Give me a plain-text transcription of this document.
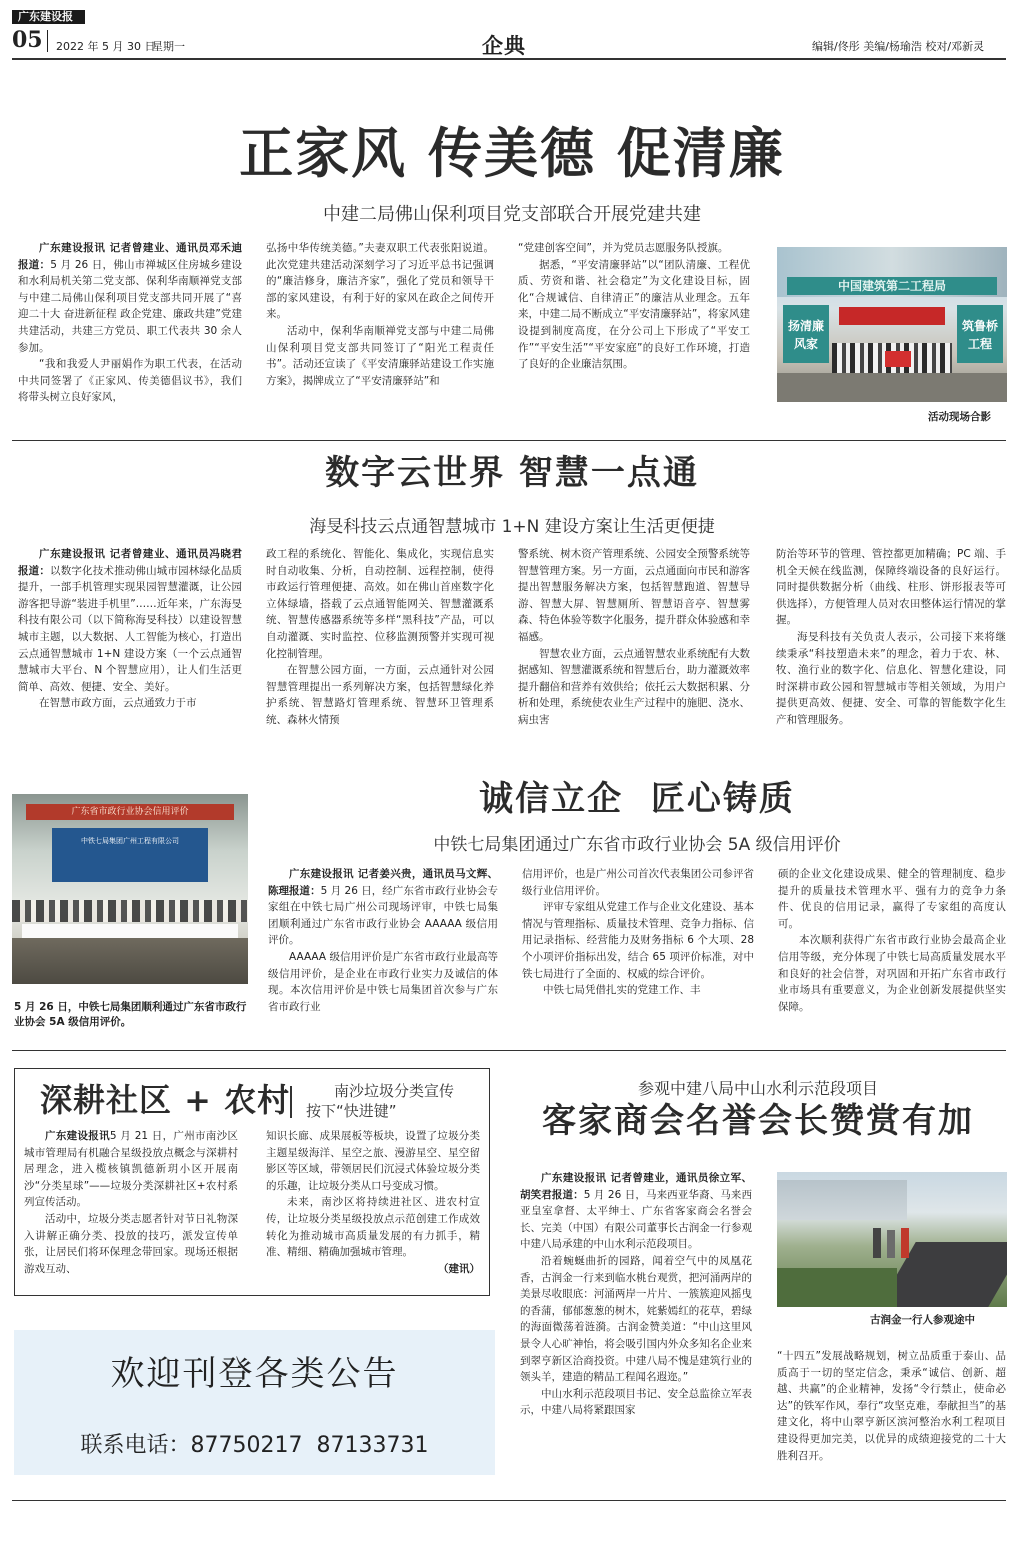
广东建设报
05 2022 年 5 月 30 日
星期一	企典	编辑/佟彤 美编/杨瑜浩 校对/邓新灵
正家风 传美德 促清廉
中建二局佛山保利项目党支部联合开展党建共建

广东建设报讯 记者曾建业、通讯员邓禾迪报道：5 月 26 日，佛山市禅城区住房城乡建设和水利局机关第二党支部、保利华南顺禅党支部与中建二局佛山保利项目党支部共同开展了“喜迎二十大 奋进新征程 政企党建、廉政共建”党建共建活动，共建三方党员、职工代表共 30 余人参加。

“我和我爱人尹丽娟作为职工代表，在活动中共同签署了《正家风、传美德倡议书》，我们将带头树立良好家风，

弘扬中华传统美德。”夫妻双职工代表张阳说道。此次党建共建活动深刻学习了习近平总书记强调的“廉洁修身，廉洁齐家”，强化了党员和领导干部的家风建设，有利于好的家风在政企之间传开来。

活动中，保利华南顺禅党支部与中建二局佛山保利项目党支部共同签订了“阳光工程责任书”。活动还宣读了《平安清廉驿站建设工作实施方案》，揭牌成立了“平安清廉驿站”和

“党建创客空间”，并为党员志愿服务队授旗。

据悉，“平安清廉驿站”以“团队清廉、工程优质、劳资和谐、社会稳定”为文化建设目标，固化“合规诚信、自律清正”的廉洁从业理念。五年来，中建二局不断成立“平安清廉驿站”，将家风建设提到制度高度，在分公司上下形成了“平安工作”“平安生活”“平安家庭”的良好工作环境，打造了良好的企业廉洁氛围。

中国建筑第二工程局
扬清廉风家
筑鲁桥工程
活动现场合影
数字云世界 智慧一点通
海旻科技云点通智慧城市 1+N 建设方案让生活更便捷

广东建设报讯 记者曾建业、通讯员冯晓君报道：以数字化技术推动佛山城市园林绿化品质提升，一部手机管理实现果园智慧灌溉，让公园游客把导游“装进手机里”……近年来，广东海旻科技有限公司（以下简称海旻科技）以建设智慧城市主题，以大数据、人工智能为核心，打造出云点通智慧城市 1+N 建设方案（一个云点通智慧城市大平台、N 个智慧应用），让人们生活更简单、高效、便捷、安全、美好。

在智慧市政方面，云点通致力于市

政工程的系统化、智能化、集成化，实现信息实时自动收集、分析，自动控制、远程控制，使得市政运行管理便捷、高效。如在佛山首座数字化立体绿墙，搭载了云点通智能网关、智慧灌溉系统、智慧传感器系统等多样“黑科技”产品，可以自动灌溉、实时监控、位移监测预警并实现可视化控制管理。

在智慧公园方面，一方面，云点通针对公园智慧管理提出一系列解决方案，包括智慧绿化养护系统、智慧路灯管理系统、智慧环卫管理系统、森林火情预

警系统、树木资产管理系统、公园安全预警系统等智慧管理方案。另一方面，云点通面向市民和游客提出智慧服务解决方案，包括智慧跑道、智慧导游、智慧大屏、智慧厕所、智慧语音亭、智慧雾森、特色体验等数字化服务，提升群众体验感和幸福感。

智慧农业方面，云点通智慧农业系统配有大数据感知、智慧灌溉系统和智慧后台，助力灌溉效率提升翻倍和营养有效供给；依托云大数据积累、分析和处理，系统使农业生产过程中的施肥、浇水、病虫害

防治等环节的管理、管控都更加精确；PC 端、手机全天候在线监测，保障终端设备的良好运行。同时提供数据分析（曲线、柱形、饼形报表等可供选择），方便管理人员对农田整体运行情况的掌握。

海旻科技有关负责人表示，公司接下来将继续秉承“科技塑造未来”的理念，着力于农、林、牧、渔行业的数字化、信息化、智慧化建设，同时深耕市政公园和智慧城市等相关领域，为用户提供更高效、便捷、安全、可靠的智能数字化生产和管理服务。

广东省市政行业协会信用评价
中铁七局集团广州工程有限公司
5 月 26 日，中铁七局集团顺利通过广东省市政行业协会 5A 级信用评价。
诚信立企  匠心铸质
中铁七局集团通过广东省市政行业协会 5A 级信用评价

广东建设报讯 记者姜兴贵，通讯员马文辉、陈理报道：5 月 26 日，经广东省市政行业协会专家组在中铁七局广州公司现场评审，中铁七局集团顺利通过广东省市政行业协会 AAAAA 级信用评价。

AAAAA 级信用评价是广东省市政行业最高等级信用评价，是企业在市政行业实力及诚信的体现。本次信用评价是中铁七局集团首次参与广东省市政行业

信用评价，也是广州公司首次代表集团公司参评省级行业信用评价。

评审专家组从党建工作与企业文化建设、基本情况与管理指标、质量技术管理、竞争力指标、信用记录指标、经营能力及财务指标 6 个大项、28 个小项评价指标出发，结合 65 项评价标准，对中铁七局进行了全面的、权威的综合评价。

中铁七局凭借扎实的党建工作、丰

硕的企业文化建设成果、健全的管理制度、稳步提升的质量技术管理水平、强有力的竞争力条件、优良的信用记录，赢得了专家组的高度认可。

本次顺利获得广东省市政行业协会最高企业信用等级，充分体现了中铁七局高质量发展水平和良好的社会信誉，对巩固和开拓广东省市政行业市场具有重要意义，为企业创新发展提供坚实保障。

深耕社区 + 农村	南沙垃圾分类宣传
按下“快进键”

广东建设报讯5 月 21 日，广州市南沙区城市管理局有机融合星级投放点概念与深耕村居理念，进入榄核镇凯德新玥小区开展南沙“分类星球”——垃圾分类深耕社区+农村系列宣传活动。

活动中，垃圾分类志愿者针对节日礼物深入讲解正确分类、投放的技巧，派发宣传单张，让居民们将环保理念带回家。现场还根据游戏互动、

知识长廊、成果展板等板块，设置了垃圾分类主题星级海洋、星空之旅、漫游星空、星空留影区等区域，带领居民们沉浸式体验垃圾分类的乐趣，让垃圾分类从口号变成习惯。

未来，南沙区将持续进社区、进农村宣传，让垃圾分类星级投放点示范创建工作成效转化为推动城市高质量发展的有力抓手，精准、精细、精确加强城市管理。

（建讯）
欢迎刊登各类公告
联系电话：87750217 87133731
参观中建八局中山水利示范段项目
客家商会名誉会长赞赏有加

广东建设报讯 记者曾建业，通讯员徐立军、胡笑君报道：5 月 26 日，马来西亚华裔、马来西亚皇室拿督、太平绅士、广东省客家商会名誉会长、完美（中国）有限公司董事长古润金一行参观中建八局承建的中山水利示范段项目。

沿着蜿蜒曲折的园路，闻着空气中的凤凰花香，古润金一行来到临水桃台观赏，把河涌两岸的美景尽收眼底：河涌两岸一片片、一簇簇迎风摇曳的香蒲，郁郁葱葱的树木，姹紫嫣红的花草，碧绿的海面微荡着涟漪。古润金赞美道：“中山这里风景令人心旷神怡，将会吸引国内外众多知名企业来到翠亨新区洽商投资。中建八局不愧是建筑行业的领头羊，建造的精品工程闻名遐迩。”

中山水利示范段项目书记、安全总监徐立军表示，中建八局将紧跟国家

古润金一行人参观途中

“十四五”发展战略规划，树立品质重于泰山、品质高于一切的坚定信念，秉承“诚信、创新、超越、共赢”的企业精神，发扬“令行禁止，使命必达”的铁军作风，奉行“攻坚克难，奉献担当”的基建文化，将中山翠亨新区滨河整治水利工程项目建设得更加完美，以优异的成绩迎接党的二十大胜利召开。
